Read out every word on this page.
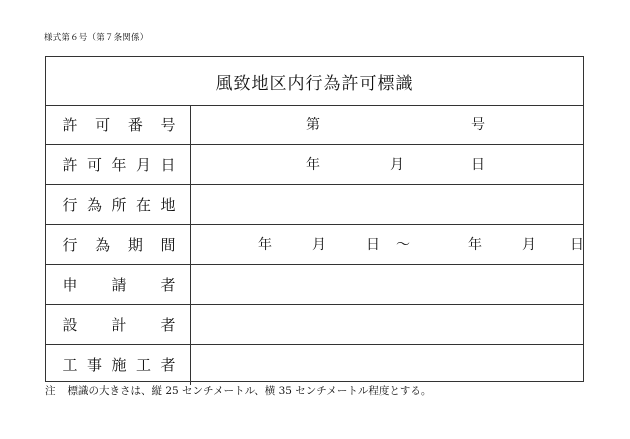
様式第６号（第７条関係）
風致地区内行為許可標識
許 可 番 号	第	号
許 可 年 月 日	年	月	日
行 為 所 在 地
行 為 期 間	年	月	日 ～	年	月 日
申 請 者
設 計 者
工 事 施 工 者
注 標識の大きさは、縦 25 センチメートル、横 35 センチメートル程度とする。
